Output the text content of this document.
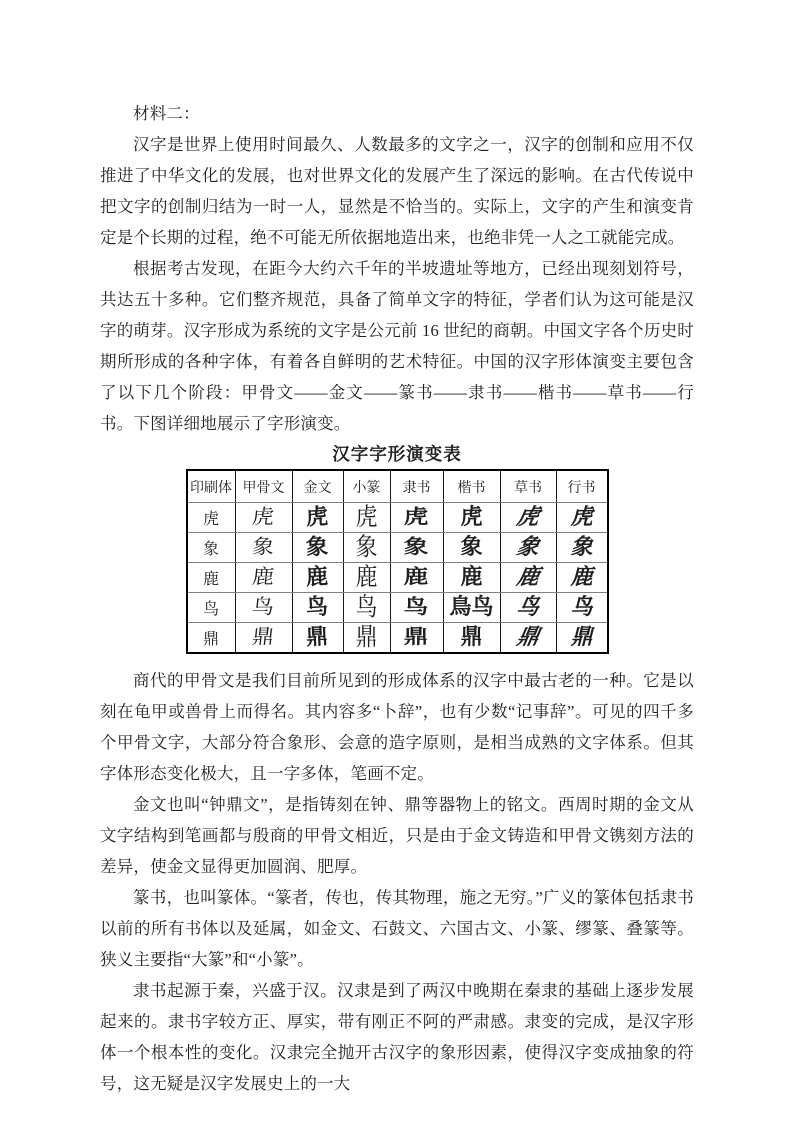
材料二：

汉字是世界上使用时间最久、人数最多的文字之一，汉字的创制和应用不仅推进了中华文化的发展，也对世界文化的发展产生了深远的影响。在古代传说中把文字的创制归结为一时一人，显然是不恰当的。实际上，文字的产生和演变肯定是个长期的过程，绝不可能无所依据地造出来，也绝非凭一人之工就能完成。

根据考古发现，在距今大约六千年的半坡遗址等地方，已经出现刻划符号，共达五十多种。它们整齐规范，具备了简单文字的特征，学者们认为这可能是汉字的萌芽。汉字形成为系统的文字是公元前 16 世纪的商朝。中国文字各个历史时期所形成的各种字体，有着各自鲜明的艺术特征。中国的汉字形体演变主要包含了以下几个阶段：甲骨文——金文——篆书——隶书——楷书——草书——行书。下图详细地展示了字形演变。

汉字字形演变表

印刷体	甲骨文	金文	小篆	隶书	楷书	草书	行书
虎	虎	虎	虎	虎	虎	虎	虎
象	象	象	象	象	象	象	象
鹿	鹿	鹿	鹿	鹿	鹿	鹿	鹿
鸟	鸟	鸟	鸟	鸟	鳥鸟	鸟	鸟
鼎	鼎	鼎	鼎	鼎	鼎	鼎	鼎

商代的甲骨文是我们目前所见到的形成体系的汉字中最古老的一种。它是以刻在龟甲或兽骨上而得名。其内容多“卜辞”，也有少数“记事辞”。可见的四千多个甲骨文字，大部分符合象形、会意的造字原则，是相当成熟的文字体系。但其字体形态变化极大，且一字多体，笔画不定。

金文也叫“钟鼎文”，是指铸刻在钟、鼎等器物上的铭文。西周时期的金文从文字结构到笔画都与殷商的甲骨文相近，只是由于金文铸造和甲骨文镌刻方法的差异，使金文显得更加圆润、肥厚。

篆书，也叫篆体。“篆者，传也，传其物理，施之无穷。”广义的篆体包括隶书以前的所有书体以及延属，如金文、石鼓文、六国古文、小篆、缪篆、叠篆等。狭义主要指“大篆”和“小篆”。

隶书起源于秦，兴盛于汉。汉隶是到了两汉中晚期在秦隶的基础上逐步发展起来的。隶书字较方正、厚实，带有刚正不阿的严肃感。隶变的完成，是汉字形体一个根本性的变化。汉隶完全抛开古汉字的象形因素，使得汉字变成抽象的符号，这无疑是汉字发展史上的一大
